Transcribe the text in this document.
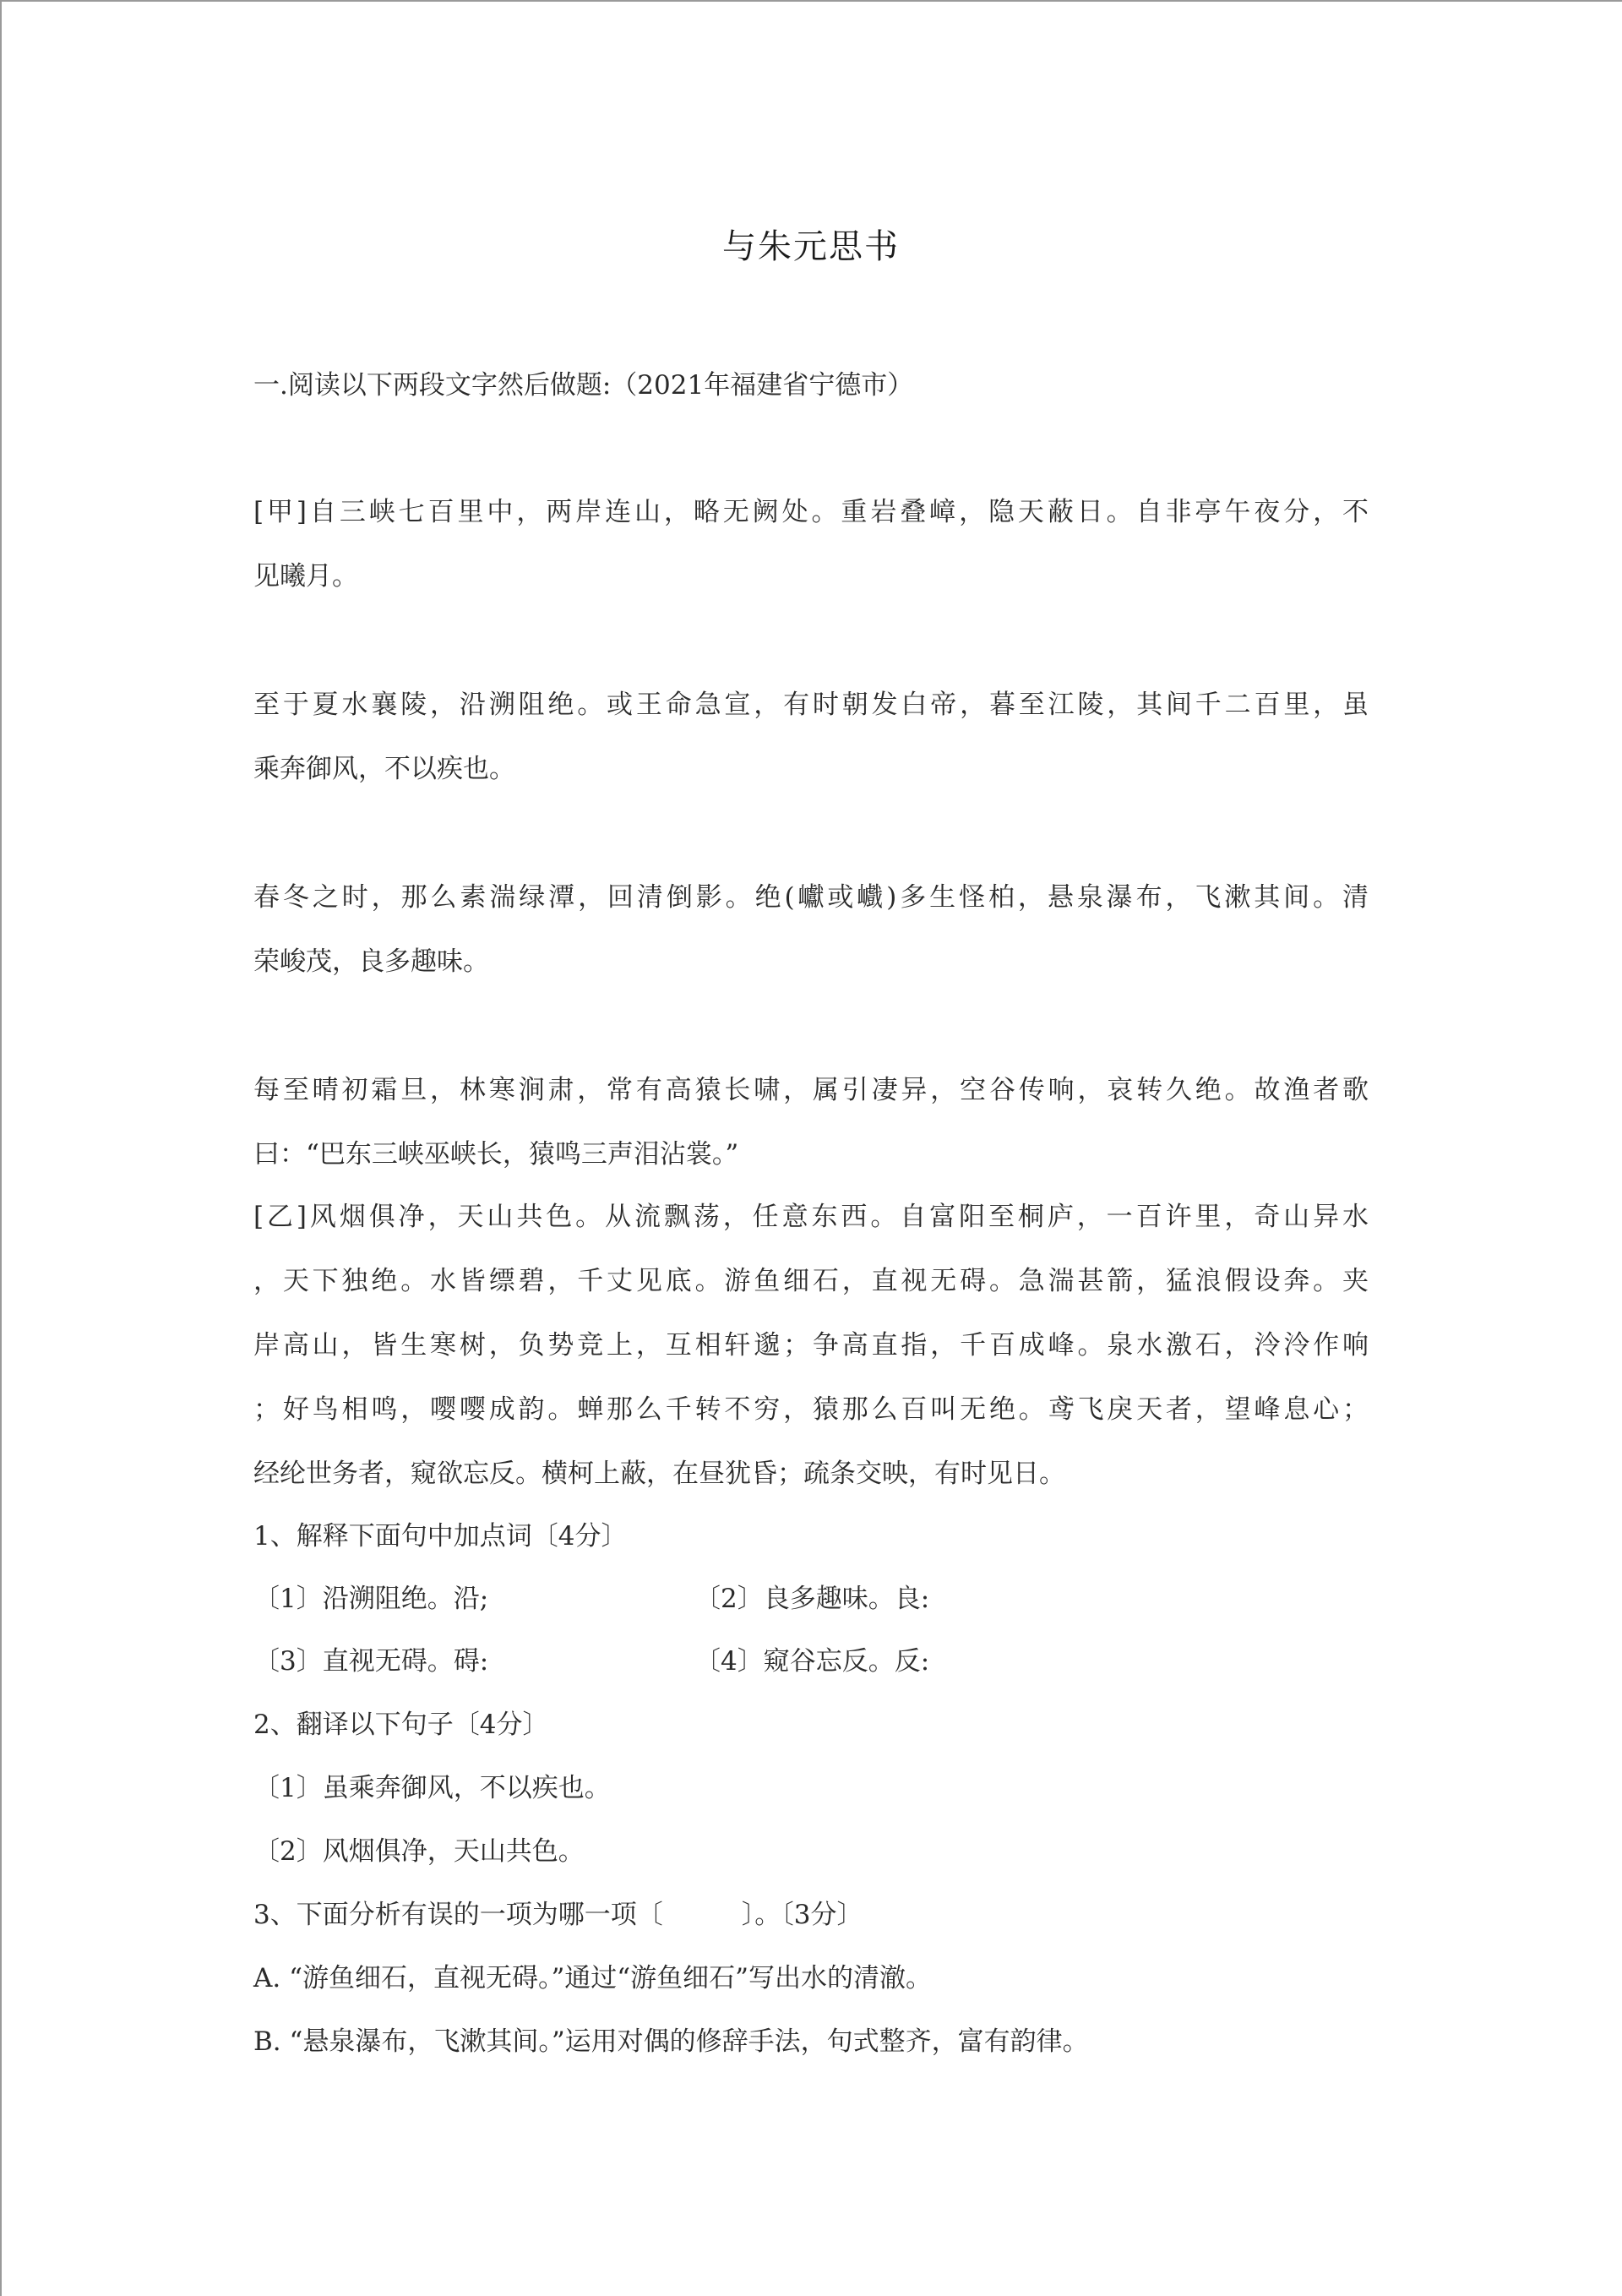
与朱元思书
一.阅读以下两段文字然后做题:（2021年福建省宁德市）
[甲]自三峡七百里中，两岸连山，略无阙处。重岩叠嶂，隐天蔽日。自非亭午夜分，不
见曦月。
至于夏水襄陵，沿溯阻绝。或王命急宣，有时朝发白帝，暮至江陵，其间千二百里，虽
乘奔御风，不以疾也。
春冬之时，那么素湍绿潭，回清倒影。绝(巘或巇)多生怪柏，悬泉瀑布，飞漱其间。清
荣峻茂，良多趣味。
每至晴初霜旦，林寒涧肃，常有高猿长啸，属引凄异，空谷传响，哀转久绝。故渔者歌
曰：“巴东三峡巫峡长，猿鸣三声泪沾裳。”
[乙]风烟俱净，天山共色。从流飘荡，任意东西。自富阳至桐庐，一百许里，奇山异水
，天下独绝。水皆缥碧，千丈见底。游鱼细石，直视无碍。急湍甚箭，猛浪假设奔。夹
岸高山，皆生寒树，负势竞上，互相轩邈；争高直指，千百成峰。泉水激石，泠泠作响
；好鸟相鸣，嘤嘤成韵。蝉那么千转不穷，猿那么百叫无绝。鸢飞戾天者，望峰息心；
经纶世务者，窥欲忘反。横柯上蔽，在昼犹昏；疏条交映，有时见日。
1、解释下面句中加点词〔4分〕
〔1〕沿溯阻绝。沿;	〔2〕良多趣味。良:
〔3〕直视无碍。碍:	〔4〕窥谷忘反。反:
2、翻译以下句子〔4分〕
〔1〕虽乘奔御风，不以疾也。
〔2〕风烟俱净，天山共色。
3、下面分析有误的一项为哪一项〔　　　〕。〔3分〕
A. “游鱼细石，直视无碍。”通过“游鱼细石”写出水的清澈。
B. “悬泉瀑布，飞漱其间。”运用对偶的修辞手法，句式整齐，富有韵律。
